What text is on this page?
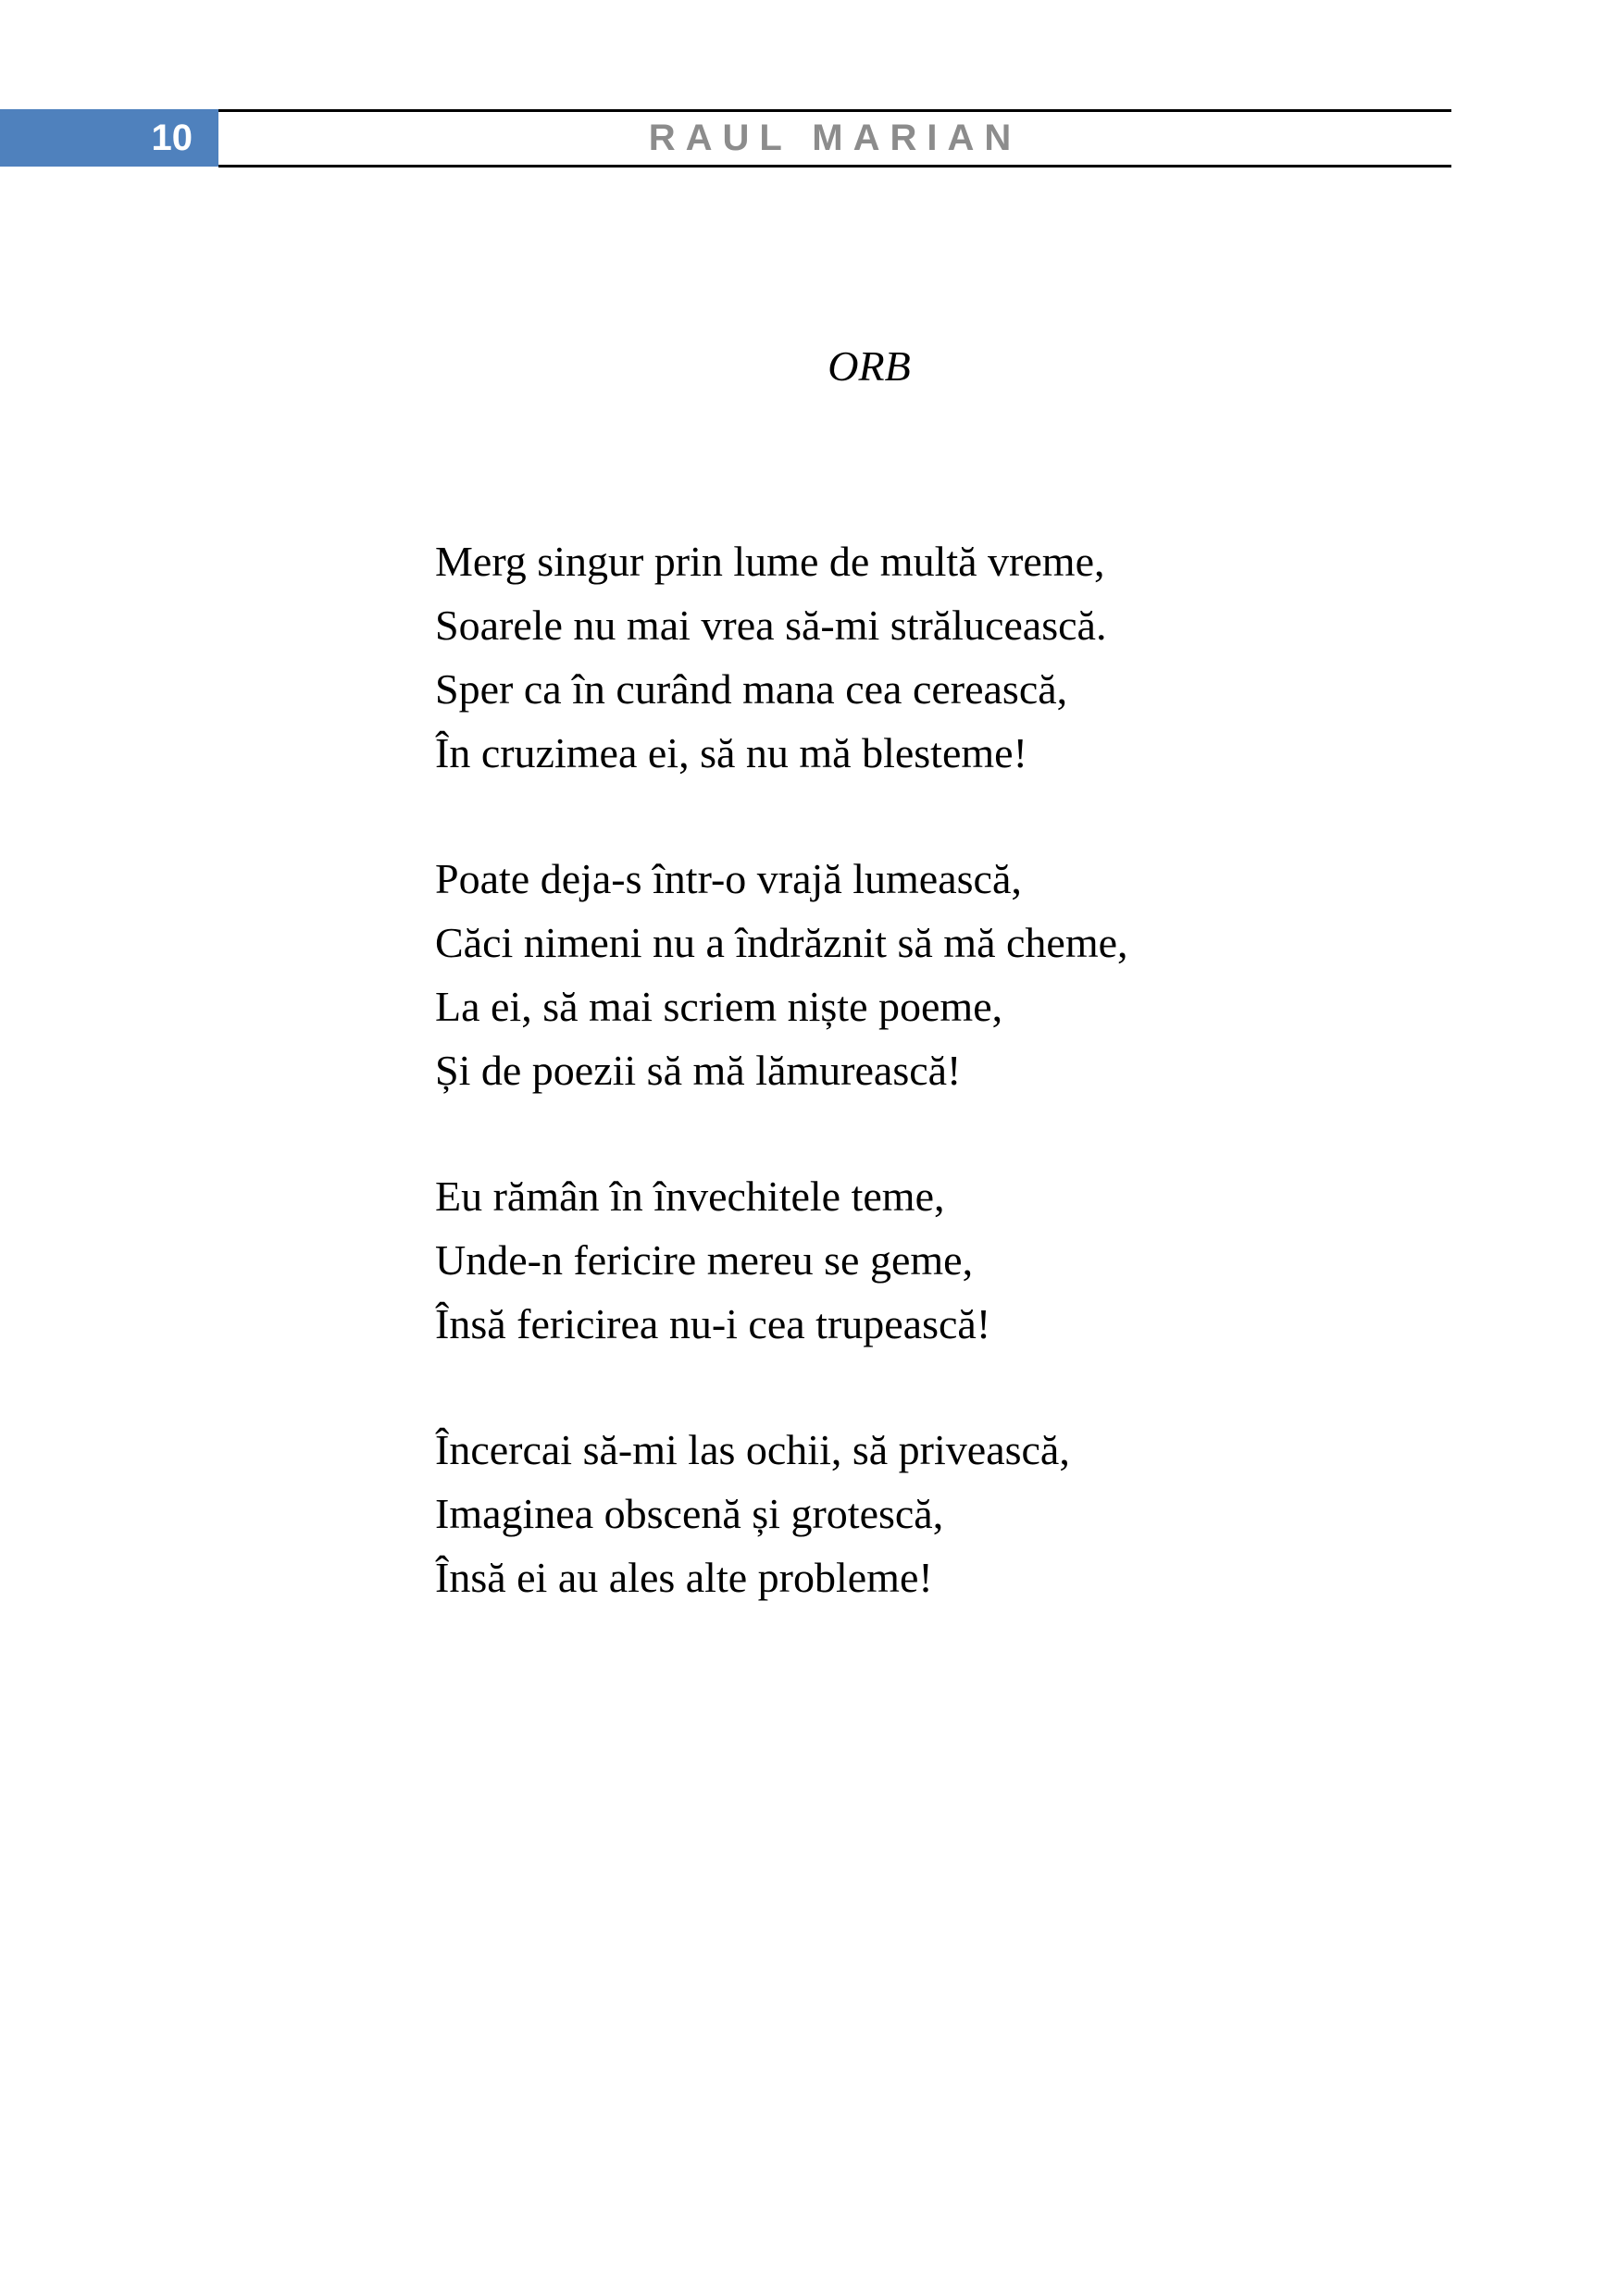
10	RAUL MARIAN
ORB
Merg singur prin lume de multă vreme,
Soarele nu mai vrea să-mi strălucească.
Sper ca în curând mana cea cerească,
În cruzimea ei, să nu mă blesteme!
Poate deja-s într-o vrajă lumească,
Căci nimeni nu a îndrăznit să mă cheme,
La ei, să mai scriem niște poeme,
Și de poezii să mă lămurească!
Eu rămân în învechitele teme,
Unde-n fericire mereu se geme,
Însă fericirea nu-i cea trupească!
Încercai să-mi las ochii, să privească,
Imaginea obscenă și grotescă,
Însă ei au ales alte probleme!
